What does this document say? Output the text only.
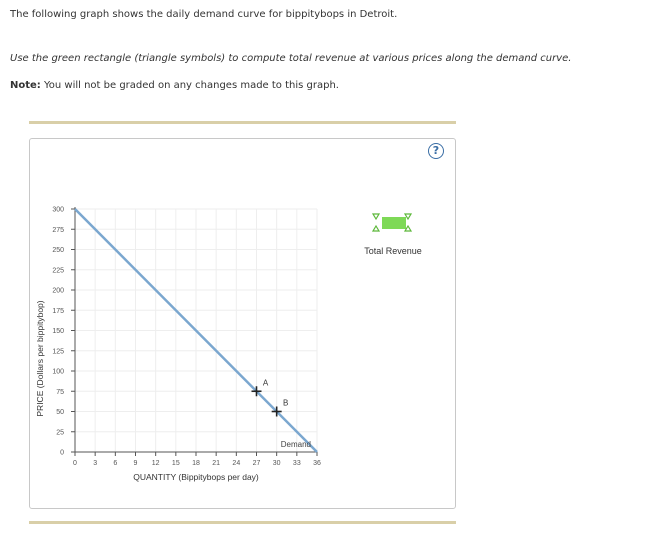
The following graph shows the daily demand curve for bippitybops in Detroit.
Use the green rectangle (triangle symbols) to compute total revenue at various prices along the demand curve.
Note: You will not be graded on any changes made to this graph.
?
0 3 6 9 12 15 18 21 24 27 30 33 36
0
25
50
75
100
125
150
175
200
225
250
275
300
Demand
A
B
QUANTITY (Bippitybops per day)
PRICE (Dollars per bippitybop)
Total Revenue
